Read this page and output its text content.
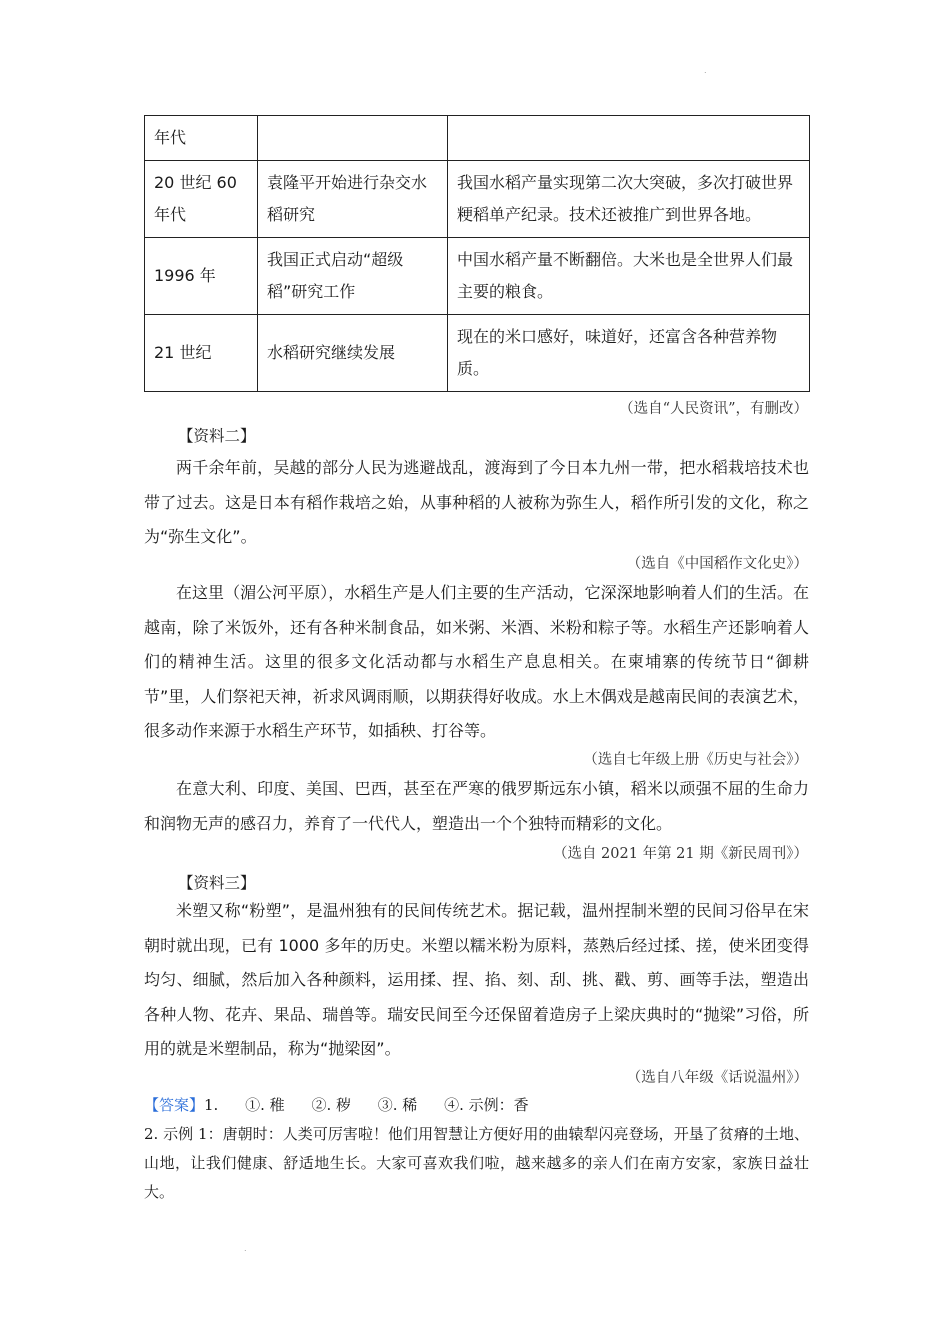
.
年代		
20 世纪 60 年代	袁隆平开始进行杂交水稻研究	我国水稻产量实现第二次大突破，多次打破世界粳稻单产纪录。技术还被推广到世界各地。
1996 年	我国正式启动“超级稻”研究工作	中国水稻产量不断翻倍。大米也是全世界人们最主要的粮食。
21 世纪	水稻研究继续发展	现在的米口感好，味道好，还富含各种营养物质。
（选自“人民资讯”，有删改）
【资料二】

两千余年前，吴越的部分人民为逃避战乱，渡海到了今日本九州一带，把水稻栽培技术也带了过去。这是日本有稻作栽培之始，从事种稻的人被称为弥生人，稻作所引发的文化，称之为“弥生文化”。

（选自《中国稻作文化史》）

在这里（湄公河平原），水稻生产是人们主要的生产活动，它深深地影响着人们的生活。在越南，除了米饭外，还有各种米制食品，如米粥、米酒、米粉和粽子等。水稻生产还影响着人们的精神生活。这里的很多文化活动都与水稻生产息息相关。在柬埔寨的传统节日“御耕节”里，人们祭祀天神，祈求风调雨顺，以期获得好收成。水上木偶戏是越南民间的表演艺术，很多动作来源于水稻生产环节，如插秧、打谷等。

（选自七年级上册《历史与社会》）

在意大利、印度、美国、巴西，甚至在严寒的俄罗斯远东小镇，稻米以顽强不屈的生命力和润物无声的感召力，养育了一代代人，塑造出一个个独特而精彩的文化。

（选自 2021 年第 21 期《新民周刊》）
【资料三】

米塑又称“粉塑”，是温州独有的民间传统艺术。据记载，温州捏制米塑的民间习俗早在宋朝时就出现，已有 1000 多年的历史。米塑以糯米粉为原料，蒸熟后经过揉、搓，使米团变得均匀、细腻，然后加入各种颜料，运用揉、捏、掐、刻、刮、挑、戳、剪、画等手法，塑造出各种人物、花卉、果品、瑞兽等。瑞安民间至今还保留着造房子上梁庆典时的“抛梁”习俗，所用的就是米塑制品，称为“抛梁囡”。

（选自八年级《话说温州》）
【答案】1. ①. 稚 ②. 秽 ③. 稀 ④. 示例：香

2. 示例 1：唐朝时：人类可厉害啦！他们用智慧让方便好用的曲辕犁闪亮登场，开垦了贫瘠的土地、山地，让我们健康、舒适地生长。大家可喜欢我们啦，越来越多的亲人们在南方安家，家族日益壮大。

.
